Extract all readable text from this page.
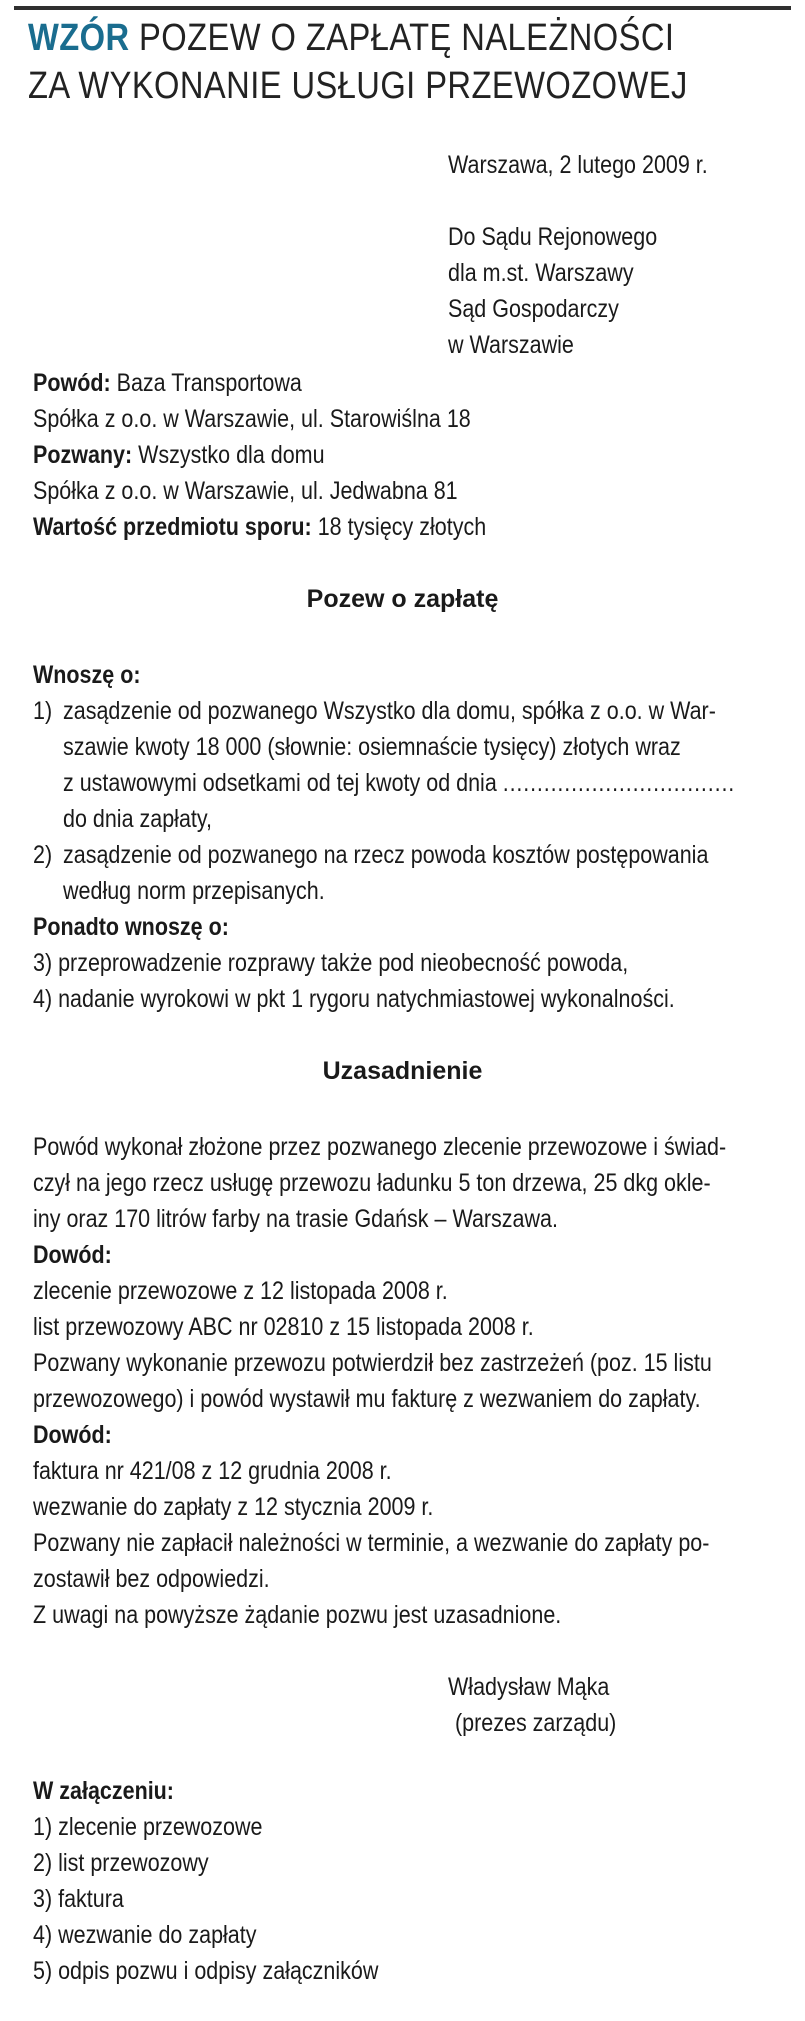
WZÓR POZEW O ZAPŁATĘ NALEŻNOŚCI
ZA WYKONANIE USŁUGI PRZEWOZOWEJ
Warszawa, 2 lutego 2009 r.
Do Sądu Rejonowego
dla m.st. Warszawy
Sąd Gospodarczy
w Warszawie
Powód: Baza Transportowa
Spółka z o.o. w Warszawie, ul. Starowiślna 18
Pozwany: Wszystko dla domu
Spółka z o.o. w Warszawie, ul. Jedwabna 81
Wartość przedmiotu sporu: 18 tysięcy złotych
Pozew o zapłatę
Wnoszę o:
1) zasądzenie od pozwanego Wszystko dla domu, spółka z o.o. w War-
szawie kwoty 18 000 (słownie: osiemnaście tysięcy) złotych wraz
z ustawowymi odsetkami od tej kwoty od dnia ..................................
do dnia zapłaty,
2) zasądzenie od pozwanego na rzecz powoda kosztów postępowania
według norm przepisanych.
Ponadto wnoszę o:
3) przeprowadzenie rozprawy także pod nieobecność powoda,
4) nadanie wyrokowi w pkt 1 rygoru natychmiastowej wykonalności.
Uzasadnienie
Powód wykonał złożone przez pozwanego zlecenie przewozowe i świad-
czył na jego rzecz usługę przewozu ładunku 5 ton drzewa, 25 dkg okle-
iny oraz 170 litrów farby na trasie Gdańsk – Warszawa.
Dowód:
zlecenie przewozowe z 12 listopada 2008 r.
list przewozowy ABC nr 02810 z 15 listopada 2008 r.
Pozwany wykonanie przewozu potwierdził bez zastrzeżeń (poz. 15 listu
przewozowego) i powód wystawił mu fakturę z wezwaniem do zapłaty.
Dowód:
faktura nr 421/08 z 12 grudnia 2008 r.
wezwanie do zapłaty z 12 stycznia 2009 r.
Pozwany nie zapłacił należności w terminie, a wezwanie do zapłaty po-
zostawił bez odpowiedzi.
Z uwagi na powyższe żądanie pozwu jest uzasadnione.
Władysław Mąka
(prezes zarządu)
W załączeniu:
1) zlecenie przewozowe
2) list przewozowy
3) faktura
4) wezwanie do zapłaty
5) odpis pozwu i odpisy załączników
